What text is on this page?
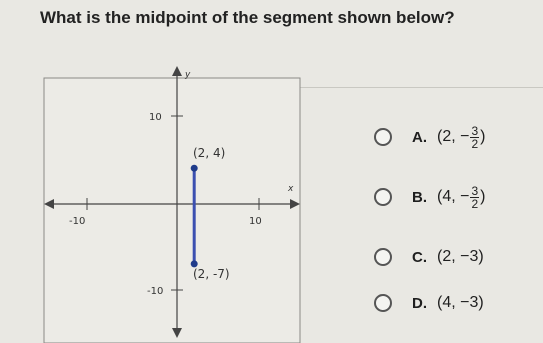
What is the midpoint of the segment shown below?
y
x
-10	10
10
-10
(2, 4)
(2, -7)
A. (2, − $\frac{3}{2}$ )
B. (4, − $\frac{3}{2}$ )
C. (2, −3)
D. (4, −3)
